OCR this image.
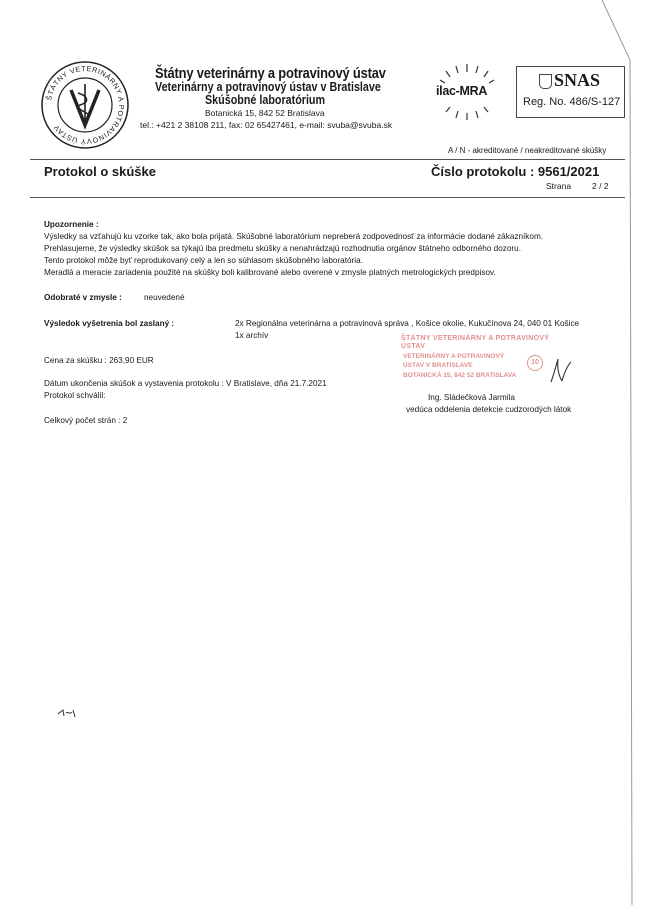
ŠTÁTNY VETERINÁRNY A POTRAVINOVÝ ÚSTAV
Štátny veterinárny a potravinový ústav
Veterinárny a potravinový ústav v Bratislave
Skúšobné laboratórium
Botanická 15, 842 52 Bratislava
tel.: +421 2 38108 211, fax: 02 65427461, e-mail: svuba@svuba.sk
ilac-MRA
SNAS
Reg. No. 486/S-127
A / N - akreditované / neakreditované skúšky
Protokol o skúške	Číslo protokolu : 9561/2021
Strana 2 / 2
Upozornenie :
Výsledky sa vzťahujú ku vzorke tak, ako bola prijatá. Skúšobné laboratórium nepreberá zodpovednosť za informácie dodané zákazníkom.
Prehlasujeme, že výsledky skúšok sa týkajú iba predmetu skúšky a nenahrádzajú rozhodnutia orgánov štátneho odborného dozoru.
Tento protokol môže byť reprodukovaný celý a len so súhlasom skúšobného laboratória.
Meradlá a meracie zariadenia použité na skúšky boli kalibrované alebo overené v zmysle platných metrologických predpisov.
Odobraté v zmysle :	neuvedené
Výsledok vyšetrenia bol zaslaný :	2x Regionálna veterinárna a potravinová správa , Košice okolie, Kukučínova 24, 040 01 Košice
1x archív
Cena za skúšku : 263,90 EUR
Dátum ukončenia skúšok a vystavenia protokolu : V Bratislave, dňa 21.7.2021
Protokol schválil:
Celkový počet strán : 2
ŠTÁTNY VETERINÁRNY A POTRAVINOVÝ ÚSTAV
VETERINÁRNY A POTRAVINOVÝ
ÚSTAV V BRATISLAVE
BOTANICKÁ 15, 842 52 BRATISLAVA
10
Ing. Sládečková Jarmila
vedúca oddelenia detekcie cudzorodých látok
